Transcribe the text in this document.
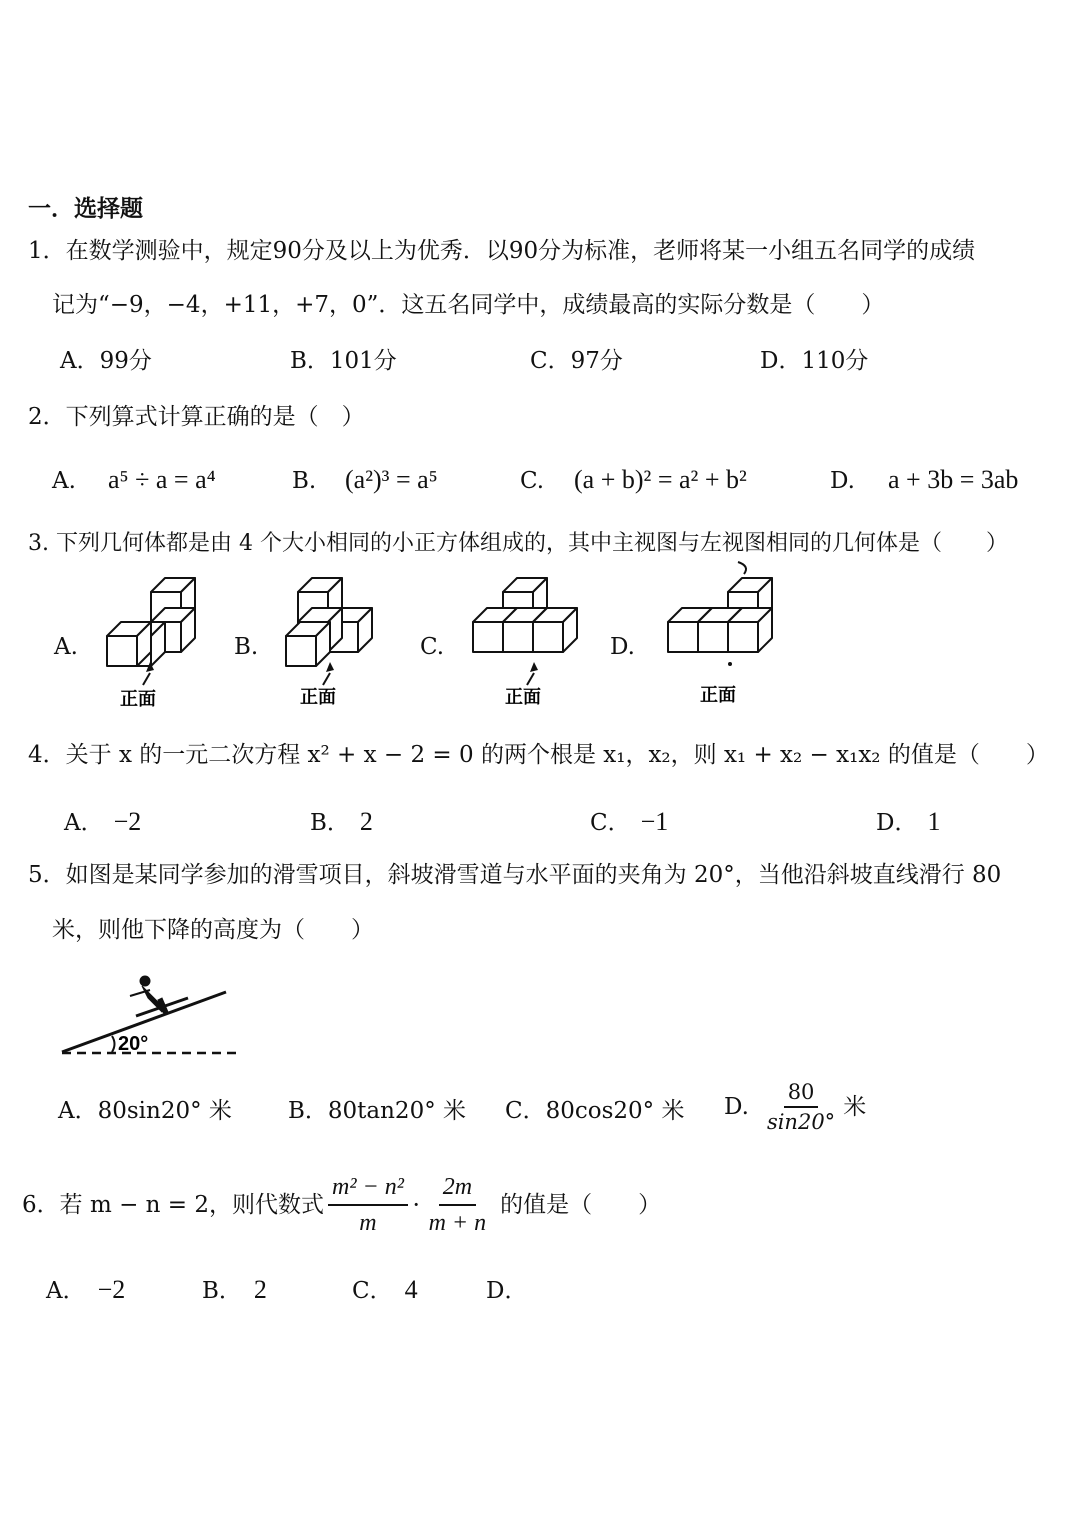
一．选择题
1．在数学测验中，规定90分及以上为优秀．以90分为标准，老师将某一小组五名同学的成绩
记为“−9，−4，+11，+7，0”．这五名同学中，成绩最高的实际分数是（　　）
A．99分	B．101分	C．97分	D．110分
2．下列算式计算正确的是（　）
A. a⁵ ÷ a = a⁴	B. (a²)³ = a⁵	C. (a + b)² = a² + b²	D. a + 3b = 3ab
3. 下列几何体都是由 4 个大小相同的小正方体组成的，其中主视图与左视图相同的几何体是（　　）
A.	B.	C.	D.
正面	正面	正面	正面
4．关于 x 的一元二次方程 x² + x − 2 = 0 的两个根是 x₁，x₂，则 x₁ + x₂ − x₁x₂ 的值是（　　）
A． −2	B． 2	C． −1	D． 1
5．如图是某同学参加的滑雪项目，斜坡滑雪道与水平面的夹角为 20°，当他沿斜坡直线滑行 80
米，则他下降的高度为（　　）
20°
A．80sin20° 米 B．80tan20° 米 C．80cos20° 米 D. $\frac{80}{\sin 20^\circ}$ 米
6．若 m − n = 2，则代数式 $\frac{\text{m² − n²}}{m} \cdot \frac{2m}{m + n}$ 的值是（　　）
A． −2	B． 2	C． 4	D．
